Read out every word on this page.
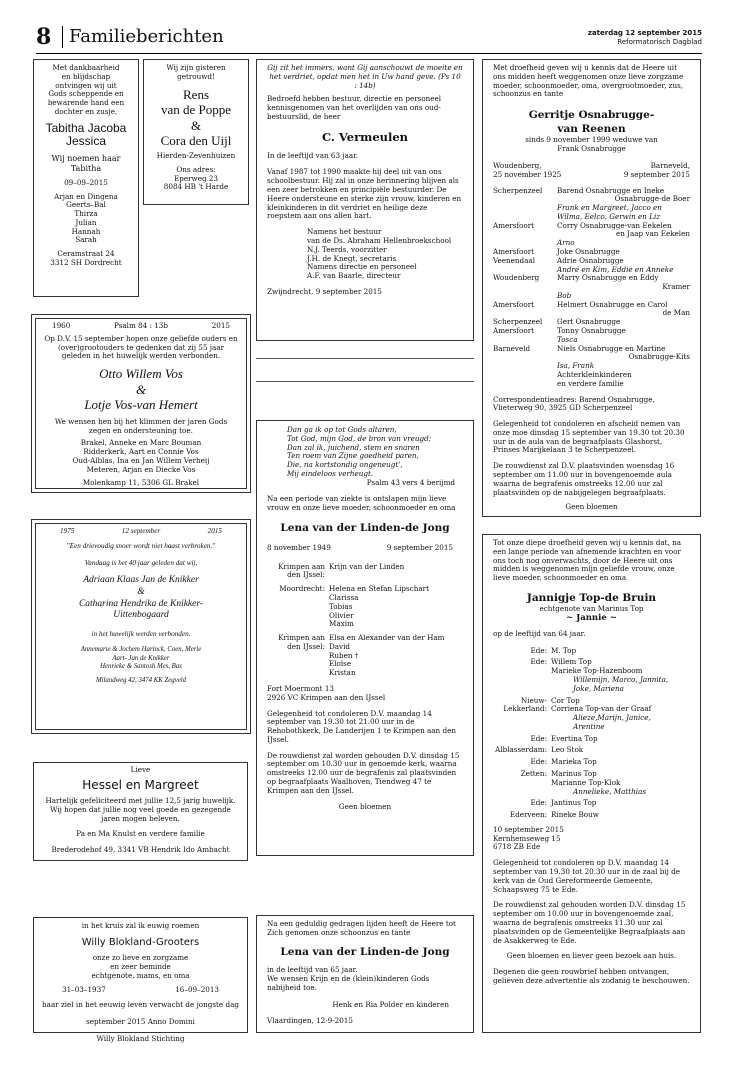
8 Familieberichten	zaterdag 12 september 2015
Reformatorisch Dagblad
Met dankbaarheid
en blijdschap
ontvingen wij uit
Gods scheppende en
bewarende hand een
dochter en zusje,
Tabitha Jacoba
Jessica
Wij noemen haar
Tabitha
09–09–2015
Arjan en Dingena
Geerts–Bal
Thirza
Julian
Hannah
Sarah
Ceramstraat 24
3312 SH Dordrecht
Wij zijn gisteren
getrouwd!
Rens
van de Poppe
&
Cora den Uijl
Hierden-Zevenhuizen
Ons adres:
Eperweg 23
8084 HB 't Harde
1960	Psalm 84 : 13b	2015
Op D.V. 15 september hopen onze geliefde ouders en (over)grootouders te gedenken dat zij 55 jaar geleden in het huwelijk werden verbonden.
Otto Willem Vos
&
Lotje Vos-van Hemert
We wensen hen bij het klimmen der jaren Gods zegen en ondersteuning toe.
Brakel, Anneke en Marc Bouman
Ridderkerk, Aart en Connie Vos
Oud-Alblas, Ina en Jan Willem Verheij
Meteren, Arjan en Diecke Vos
Molenkamp 11, 5306 GL Brakel
1975	12 september	2015
"Een drievoudig snoer wordt niet haast verbroken."
Vandaag is het 40 jaar geleden dat wij,
Adriaan Klaas Jan de Knikker
&
Catharina Hendrika de Knikker-
Uittenbogaard
in het huwelijk werden verbonden.
Annemarie & Jochem Harinck, Coen, Merle
Aart- Jan de Knikker
Henrieke & Santosh Mes, Bas
Milandweg 42, 3474 KK Zegveld
Lieve
Hessel en Margreet
Hartelijk gefeliciteerd met jullie 12,5 jarig huwelijk. Wij hopen dat jullie nog veel goede en gezegende jaren mogen beleven.
Pa en Ma Knulst en verdere familie
Brederodehof 49, 3341 VB Hendrik Ido Ambacht
in het kruis zal ik euwig roemen
Willy Blokland-Grooters
onze zo lieve en zorgzame
en zeer beminde
echtgenote, mams, en oma
31–03–1937	16–09–2013
haar ziel in het eeuwig leven verwacht de jongste dag
september 2015 Anno Domini
Willy Blokland Stichting
Gij zit het immers, want Gij aanschouwt de moeite en het verdriet, opdat men het in Uw hand geve. (Ps 10 : 14b)
Bedroefd hebben bestuur, directie en personeel kennisgenomen van het overlijden van ons oud-bestuurslid, de heer
C. Vermeulen
In de leeftijd van 63 jaar.
Vanaf 1987 tot 1990 maakte hij deel uit van ons schoolbestuur. Hij zal in onze herinnering blijven als een zeer betrokken en principiële bestuurder. De Heere ondersteune en sterke zijn vrouw, kinderen en kleinkinderen in dit verdriet en heilige deze roepstem aan ons allen hart.
Namens het bestuur
van de Ds. Abraham Hellenbroekschool
N.J. Teerds, voorzitter
J.H. de Knegt, secretaris
Namens directie en personeel
A.F. van Baarle, directeur
Zwijndrecht, 9 september 2015
Dan ga ik op tot Gods altaren,
Tot God, mijn God, de bron van vreugd;
Dan zal ik, juichend, stem en snaren
Ten roem van Zijne goedheid paren,
Die, na kortstondig ongeneugt',
Mij eindeloos verheugt.
Psalm 43 vers 4 berijmd
Na een periode van ziekte is ontslapen mijn lieve vrouw en onze lieve moeder, schoonmoeder en oma
Lena van der Linden-de Jong
8 november 1949	9 september 2015
Krimpen aan
den IJssel:
Krijn van der Linden
Moordrecht: Helena en Stefan Lipschart
Clarissa
Tobias
Olivier
Maxim
Krimpen aan
den IJssel:
Elsa en Alexander van der Ham
David
Ruben †
Eloïse
Kristan
Fort Moermont 13
2926 VC Krimpen aan den IJssel
Gelegenheid tot condoleren D.V. maandag 14 september van 19.30 tot 21.00 uur in de Rehobothkerk, De Landerijen 1 te Krimpen aan den IJssel.
De rouwdienst zal worden gehouden D.V. dinsdag 15 september om 10.30 uur in genoemde kerk, waarna omstreeks 12.00 uur de begrafenis zal plaatsvinden op begraafplaats Waalhoven, Tiendweg 47 te Krimpen aan den IJssel.
Geen bloemen
Na een geduldig gedragen lijden heeft de Heere tot Zich genomen onze schoonzus en tante
Lena van der Linden-de Jong
in de leeftijd van 65 jaar.
We wensen Krijn en de (klein)kinderen Gods nabijheid toe.
Henk en Ria Polder en kinderen
Vlaardingen, 12-9-2015
Met droefheid geven wij u kennis dat de Heere uit ons midden heeft weggenomen onze lieve zorgzame moeder, schoonmoeder, oma, overgrootmoeder, zus, schoonzus en tante
Gerritje Osnabrugge-
van Reenen
sinds 9 november 1999 weduwe van
Frank Osnabrugge
Woudenberg,	Barneveld,
25 november 1925	9 september 2015
Scherpenzeel	Barend Osnabrugge en Ineke
Osnabrugge-de Boer
Frank en Margreet, Jacco en
Wilma, Eelco, Gerwin en Liz
Amersfoort	Corry Osnabrugge-van Eekelen
en Jaap van Eekelen
Arno
Amersfoort	Joke Osnabrugge
Veenendaal	Adrie Osnabrugge
André en Kim, Eddie en Anneke
Woudenberg	Marry Osnabrugge en Eddy
Kramer
Bob
Amersfoort	Helmert Osnabrugge en Carol
de Man
Scherpenzeel	Gert Osnabrugge
Amersfoort	Tonny Osnabrugge
Tosca
Barneveld	Niels Osnabrugge en Martine
Osnabrugge-Kits
Isa, Frank
Achterkleinkinderen
en verdere familie
Correspondentieadres: Barend Osnabrugge, Vlieterweg 90, 3925 GD Scherpenzeel
Gelegenheid tot condoleren en afscheid nemen van onze moe dinsdag 15 september van 19.30 tot 20.30 uur in de aula van de begraafplaats Glashorst, Prinses Marijkelaan 3 te Scherpenzeel.
De rouwdienst zal D.V. plaatsvinden woensdag 16 september om 11.00 uur in bovengenoemde aula waarna de begrafenis omstreeks 12.00 uur zal plaatsvinden op de nabijgelegen begraafplaats.
Geen bloemen
Tot onze diepe droefheid geven wij u kennis dat, na een lange periode van afnemende krachten en voor ons toch nog onverwachts, door de Heere uit ons midden is weggenomen mijn geliefde vrouw, onze lieve moeder, schoonmoeder en oma
Jannigje Top-de Bruin
echtgenote van Marinus Top
~ Jannie ~
op de leeftijd van 64 jaar.
Ede: M. Top
Ede: Willem Top
Marieke Top-Hazenboom
Willemijn, Marco, Jannita,
Joke, Mariena
Nieuw-
Lekkerland:
Cor Top
Corriena Top-van der Graaf
Alieze,Marijn, Janice,
Arentine
Ede: Evertina Top
Alblasserdam: Leo Stok
Ede: Marieka Top
Zetten: Marinus Top
Marianne Top-Klok
Annelieke, Matthias
Ede: Jantinus Top
Ederveen: Rineke Bouw
10 september 2015
Kernhemseweg 15
6718 ZB Ede
Gelegenheid tot condoleren op D.V. maandag 14 september van 19.30 tot 20.30 uur in de zaal bij de kerk van de Oud Gereformeerde Gemeente, Schaapsweg 75 te Ede.
De rouwdienst zal gehouden worden D.V. dinsdag 15 september om 10.00 uur in bovengenoemde zaal, waarna de begrafenis omstreeks 11.30 uur zal plaatsvinden op de Gemeentelijke Begraafplaats aan de Asakkerweg te Ede.
Geen bloemen en liever geen bezoek aan huis.
Degenen die geen rouwbrief hebben ontvangen, gelieven deze advertentie als zodanig te beschouwen.
